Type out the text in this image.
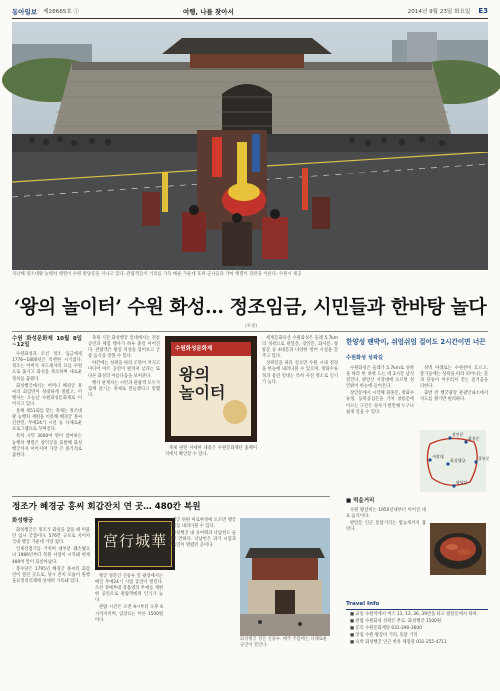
동아일보 제28665호 ⓘ	여행, 나를 찾아서	2014년 9월 23일 화요일 E3
지난해 정조대왕 능행차 행렬이 수원 팔달문을 지나고 있다. 관람객들이 거리를 가득 메운 가운데 호위 군사들과 가마 행렬이 장관을 이룬다. 수원시 제공
‘왕의 놀이터’ 수원 화성… 정조임금, 시민들과 한바탕 놀다
(루팡)
수원 화성문화제 10월 8일~12일

수원화성과 조선 정조 임금에게 1776~1800년은 특별한 시기였다. 정조는 아버지 사도세자의 묘를 수원으로 옮기고 화성을 축조하며 새로운 정치를 꿈꿨다.

화성행궁에서는 어머니 혜경궁 홍씨의 회갑연이 성대하게 열렸고, 이 행사는 오늘날 수원화성문화제로 이어지고 있다.

올해 제51회를 맞는 축제는 정조대왕 능행차 재현을 비롯해 혜경궁 홍씨 진찬연, 무예24기 시연 등 다채로운 프로그램으로 꾸며진다.

특히 시민 3000여 명이 참여하는 능행차 행렬은 창덕궁을 출발해 화성행궁까지 이어지며 가장 큰 볼거리로 꼽힌다.

축제 기간 화성행궁 일대에서는 전통 공연과 체험 행사가 하루 종일 이어진다. 관람객은 왕실 의상을 입어보고 궁중 음식을 맛볼 수 있다.

야간에는 성곽을 따라 조명이 켜지고 미디어 아트 공연이 펼쳐져 낮과는 또 다른 화성의 아름다움을 보여준다.

행사 관계자는 시민과 관광객 모두가 함께 즐기는 축제로 만들겠다고 말했다.

수원화성문화제
왕의
놀이터

축제 관련 자세한 내용은 수원문화재단 홈페이지에서 확인할 수 있다.

세계문화유산 수원화성은 둘레 5.7km의 성곽으로 팔달문, 장안문, 화서문, 창룡문 등 4대문과 다양한 방어 시설을 갖추고 있다.

성곽길을 따라 걸으면 수원 시내 전경을 한눈에 내려다볼 수 있으며, 방화수류정과 용연 일대는 특히 사진 명소로 인기가 높다.

한양성 팬박이, 쉬엄쉬엄 걸어도 2시간이면 너끈
수원화성 성곽길

수원화성은 둘레가 5.7km로 성곽을 따라 한 바퀴 도는 데 2시간 남짓 걸린다. 팔달산 서장대에 오르면 성 안팎이 한눈에 들어온다.

장안문에서 시작해 화홍문, 방화수류정, 동북공심돈을 거쳐 창룡문에 이르는 구간은 경사가 완만해 누구나 쉽게 걸을 수 있다.

성벽 아래로는 수원천이 흐르고, 봄가을에는 성곽을 따라 피어나는 꽃과 단풍이 어우러져 걷는 즐거움을 더한다.

출발 전 행궁광장 관광안내소에서 지도를 챙기면 편리하다.

정조가 혜경궁 홍씨 회갑잔치 연 곳… 480칸 복원
화성행궁

화성행궁은 정조가 화성을 찾을 때 머물던 임시 궁궐이다. 576칸 규모로 지어져 국내 행궁 가운데 가장 컸다.

일제강점기를 거치며 대부분 훼손됐으나 1989년부터 복원 사업이 시작돼 현재 480여 칸이 되살아났다.

봉수당은 1795년 혜경궁 홍씨의 회갑연이 열린 곳으로, 당시 잔치 모습이 원행을묘정리의궤에 상세히 기록돼 있다.

宮行城華

행궁 정문인 신풍루 앞 광장에서는 매일 무예24기 시범 공연이 열린다. 조선 정예부대 장용영의 무예를 재현한 공연으로 관람객에게 인기가 높다.

관람 시간은 오전 9시부터 오후 6시까지이며, 입장료는 어른 1500원이다.

행궁 뒤편 미로한정에 오르면 행궁 전체를 내려다볼 수 있다.

화성행궁 내 유여택과 낙남헌도 둘러볼 만하다. 낙남헌은 과거 시험과 양로연이 열렸던 곳이다.

화성행궁 정문 신풍루. 매주 주말에는 다채로운 공연이 열린다.
Travel Info

■ 교통 수원역에서 버스 11, 13, 36, 39번을 타고 팔달문에서 하차.

■ 관람 수원화성 성곽은 무료, 화성행궁 1500원.

■ 문의 수원문화재단 031-290-3600

■ 맛집 수원 왕갈비 거리, 통닭 거리

■ 숙박 화성행궁 인근 한옥 체험관 031-255-4711

■ 먹을거리

수원 왕갈비는 1950년대부터 이어진 대표 음식이다.

팔달문 인근 통닭거리는 밤늦게까지 붐빈다.

장안문
화홍문
창룡문
팔달문
화성행궁
서장대
